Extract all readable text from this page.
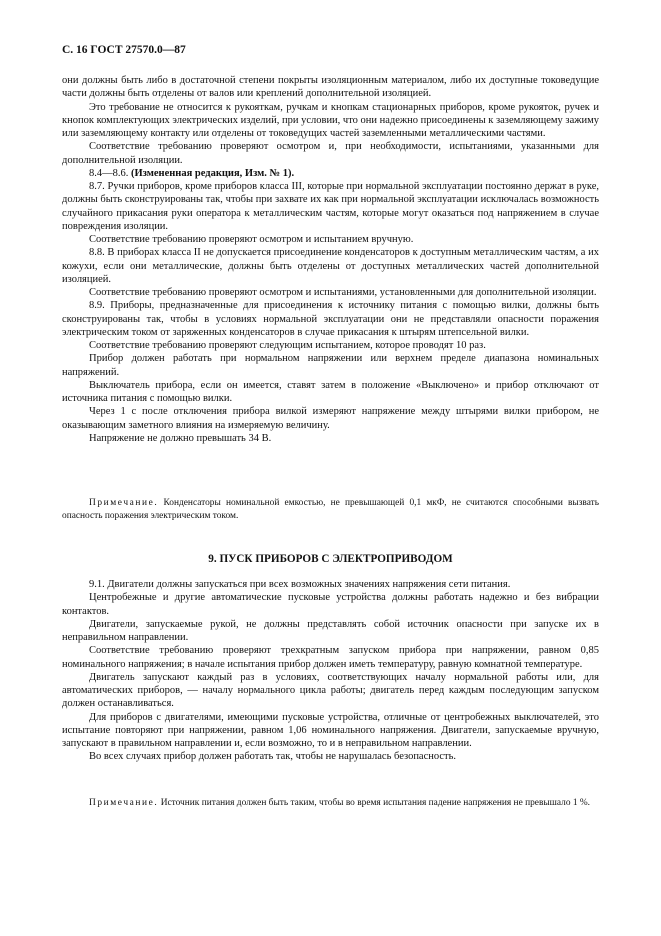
С. 16 ГОСТ 27570.0—87

они должны быть либо в достаточной степени покрыты изоляционным материалом, либо их доступные токоведущие части должны быть отделены от валов или креплений дополнительной изоляцией.

Это требование не относится к рукояткам, ручкам и кнопкам стационарных приборов, кроме рукояток, ручек и кнопок комплектующих электрических изделий, при условии, что они надежно присоединены к заземляющему зажиму или заземляющему контакту или отделены от токоведущих частей заземленными металлическими частями.

Соответствие требованию проверяют осмотром и, при необходимости, испытаниями, указанными для дополнительной изоляции.

8.4—8.6. (Измененная редакция, Изм. № 1).

8.7. Ручки приборов, кроме приборов класса III, которые при нормальной эксплуатации постоянно держат в руке, должны быть сконструированы так, чтобы при захвате их как при нормальной эксплуатации исключалась возможность случайного прикасания руки оператора к металлическим частям, которые могут оказаться под напряжением в случае повреждения изоляции.

Соответствие требованию проверяют осмотром и испытанием вручную.

8.8. В приборах класса II не допускается присоединение конденсаторов к доступным металлическим частям, а их кожухи, если они металлические, должны быть отделены от доступных металлических частей дополнительной изоляцией.

Соответствие требованию проверяют осмотром и испытаниями, установленными для дополнительной изоляции.

8.9. Приборы, предназначенные для присоединения к источнику питания с помощью вилки, должны быть сконструированы так, чтобы в условиях нормальной эксплуатации они не представляли опасности поражения электрическим током от заряженных конденсаторов в случае прикасания к штырям штепсельной вилки.

Соответствие требованию проверяют следующим испытанием, которое проводят 10 раз.

Прибор должен работать при нормальном напряжении или верхнем пределе диапазона номинальных напряжений.

Выключатель прибора, если он имеется, ставят затем в положение «Выключено» и прибор отключают от источника питания с помощью вилки.

Через 1 с после отключения прибора вилкой измеряют напряжение между штырями вилки прибором, не оказывающим заметного влияния на измеряемую величину.

Напряжение не должно превышать 34 В.

Примечание. Конденсаторы номинальной емкостью, не превышающей 0,1 мкФ, не считаются способными вызвать опасность поражения электрическим током.

9. ПУСК ПРИБОРОВ С ЭЛЕКТРОПРИВОДОМ

9.1. Двигатели должны запускаться при всех возможных значениях напряжения сети питания.

Центробежные и другие автоматические пусковые устройства должны работать надежно и без вибрации контактов.

Двигатели, запускаемые рукой, не должны представлять собой источник опасности при запуске их в неправильном направлении.

Соответствие требованию проверяют трехкратным запуском прибора при напряжении, равном 0,85 номинального напряжения; в начале испытания прибор должен иметь температуру, равную комнатной температуре.

Двигатель запускают каждый раз в условиях, соответствующих началу нормальной работы или, для автоматических приборов, — началу нормального цикла работы; двигатель перед каждым последующим запуском должен останавливаться.

Для приборов с двигателями, имеющими пусковые устройства, отличные от центробежных выключателей, это испытание повторяют при напряжении, равном 1,06 номинального напряжения. Двигатели, запускаемые вручную, запускают в правильном направлении и, если возможно, то и в неправильном направлении.

Во всех случаях прибор должен работать так, чтобы не нарушалась безопасность.

Примечание. Источник питания должен быть таким, чтобы во время испытания падение напряжения не превышало 1 %.
